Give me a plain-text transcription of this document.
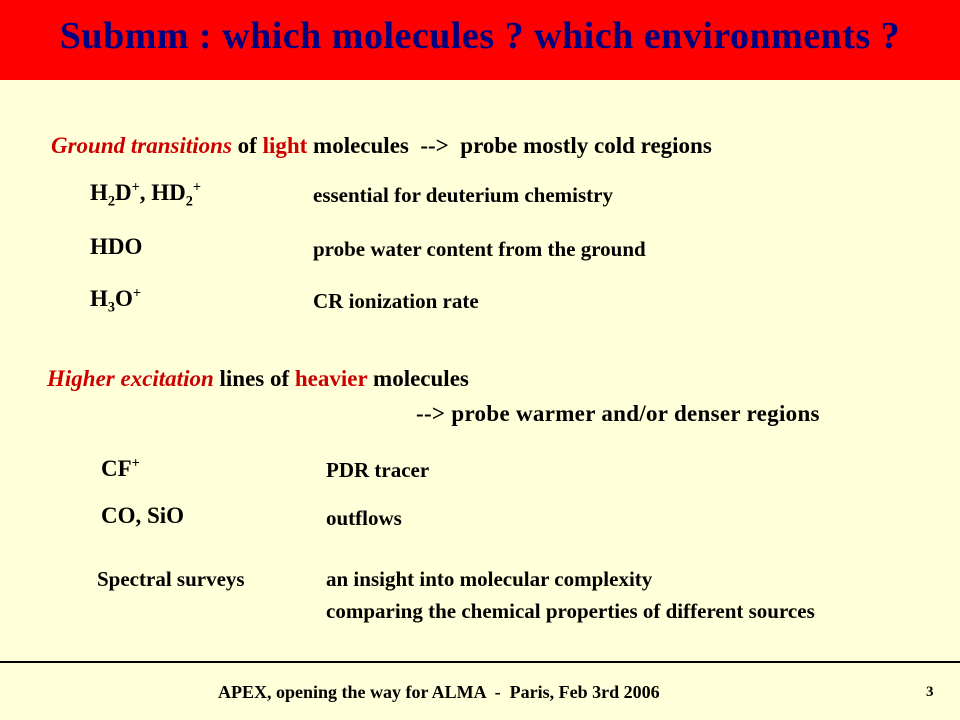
Submm : which molecules ? which environments ?
Ground transitions of light molecules  -->  probe mostly cold regions
$H_2D^+$, $HD_2^+$	essential for deuterium chemistry
HDO	probe water content from the ground
$H_3O^+$	CR ionization rate
Higher excitation lines of heavier molecules
--> probe warmer and/or denser regions
CF+	PDR tracer
CO, SiO	outflows
Spectral surveys	an insight into molecular complexity
comparing the chemical properties of different sources
APEX, opening the way for ALMA  -  Paris, Feb 3rd 2006	3
